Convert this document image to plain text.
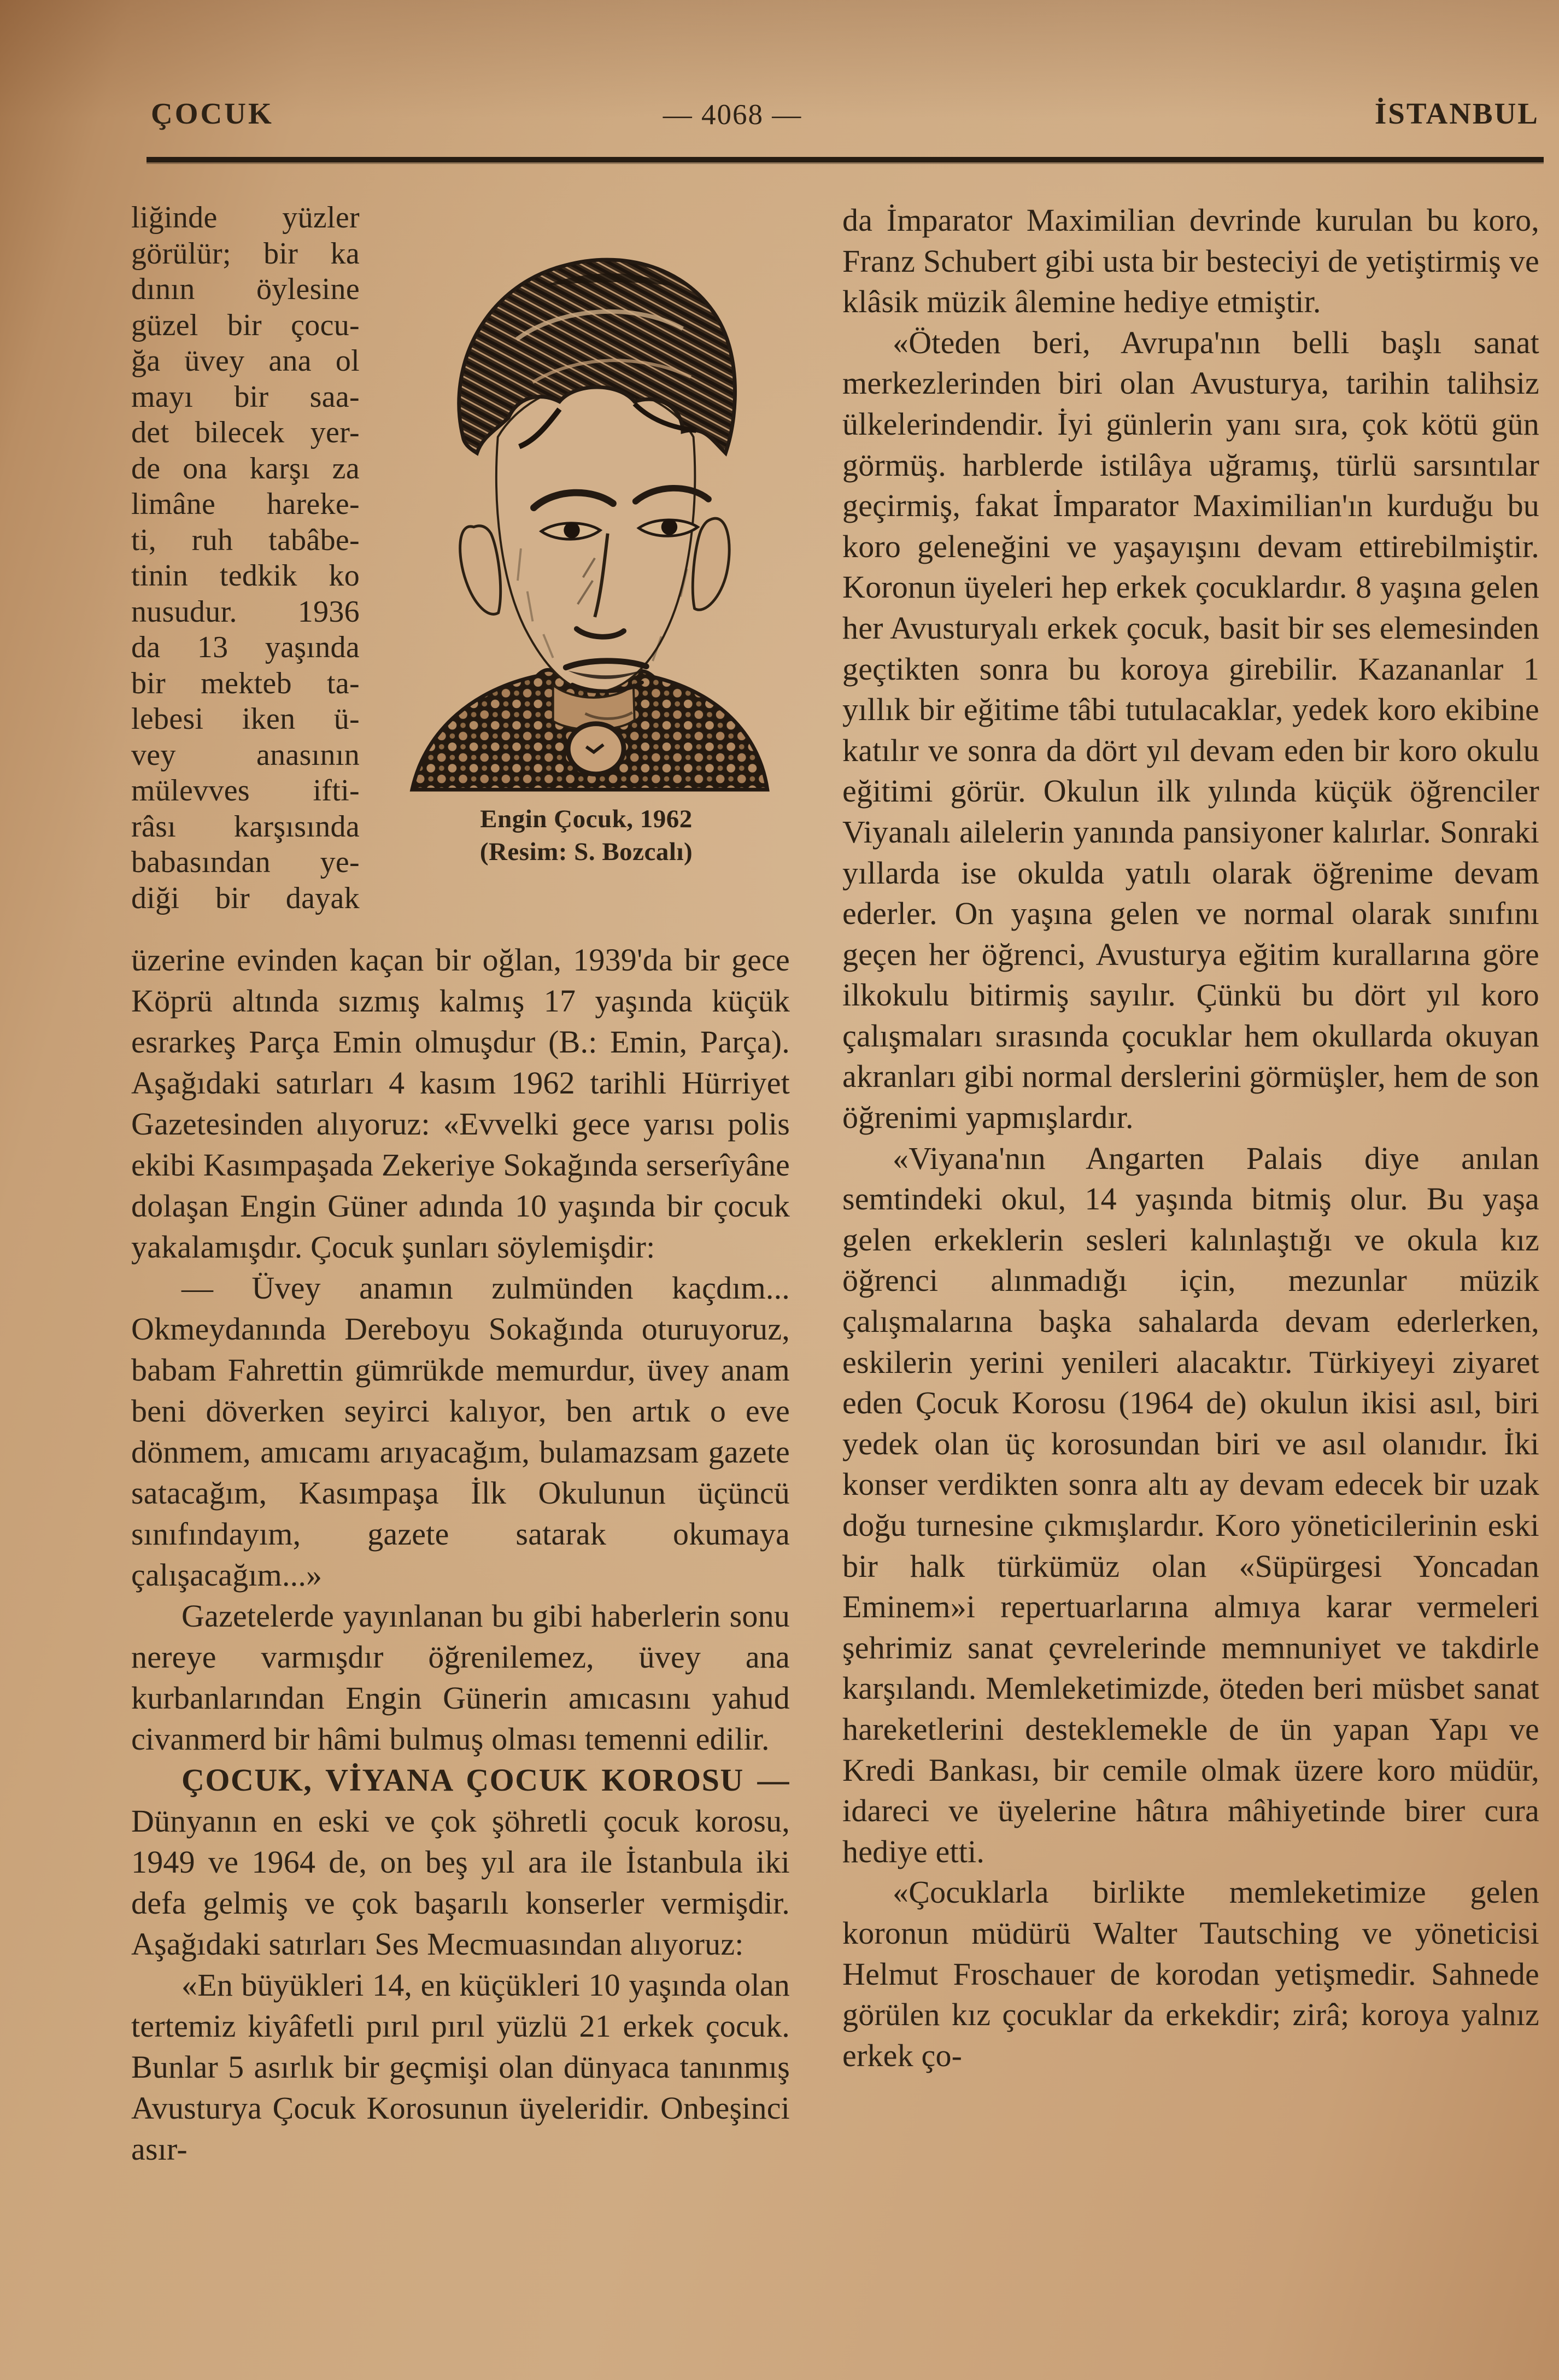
ÇOCUK	— 4068 —	İSTANBUL
liğinde yüzler
görülür; bir ka
dının öylesine
güzel bir çocu-
ğa üvey ana ol
mayı bir saa-
det bilecek yer-
de ona karşı za
limâne hareke-
ti, ruh tabâbe-
tinin tedkik ko
nusudur. 1936
da 13 yaşında
bir mekteb ta-
lebesi iken ü-
vey anasının
mülevves ifti-
râsı karşısında
babasından ye-
diği bir dayak
Engin Çocuk, 1962
(Resim: S. Bozcalı)

üzerine evinden kaçan bir oğlan, 1939'da bir gece Köprü altında sızmış kalmış 17 yaşında küçük esrarkeş Parça Emin olmuşdur (B.: Emin, Parça). Aşağıdaki satırları 4 kasım 1962 tarihli Hürriyet Gazetesinden alıyoruz: «Evvelki gece yarısı polis ekibi Kasımpaşada Zekeriye Sokağında serserîyâne dolaşan Engin Güner adında 10 yaşında bir çocuk yakalamışdır. Çocuk şunları söylemişdir:

— Üvey anamın zulmünden kaçdım... Okmeydanında Dereboyu Sokağında oturuyoruz, babam Fahrettin gümrükde memurdur, üvey anam beni döverken seyirci kalıyor, ben artık o eve dönmem, amıcamı arıyacağım, bulamazsam gazete satacağım, Kasımpaşa İlk Okulunun üçüncü sınıfındayım, gazete satarak okumaya çalışacağım...»

Gazetelerde yayınlanan bu gibi haberlerin sonu nereye varmışdır öğrenilemez, üvey ana kurbanlarından Engin Günerin amıcasını yahud civanmerd bir hâmi bulmuş olması temenni edilir.

ÇOCUK, VİYANA ÇOCUK KOROSU — Dünyanın en eski ve çok şöhretli çocuk korosu, 1949 ve 1964 de, on beş yıl ara ile İstanbula iki defa gelmiş ve çok başarılı konserler vermişdir. Aşağıdaki satırları Ses Mecmuasından alıyoruz:

«En büyükleri 14, en küçükleri 10 yaşında olan tertemiz kiyâfetli pırıl pırıl yüzlü 21 erkek çocuk. Bunlar 5 asırlık bir geçmişi olan dünyaca tanınmış Avusturya Çocuk Korosunun üyeleridir. Onbeşinci asır-

da İmparator Maximilian devrinde kurulan bu koro, Franz Schubert gibi usta bir besteciyi de yetiştirmiş ve klâsik müzik âlemine hediye etmiştir.

«Öteden beri, Avrupa'nın belli başlı sanat merkezlerinden biri olan Avusturya, tarihin talihsiz ülkelerindendir. İyi günlerin yanı sıra, çok kötü gün görmüş. harblerde istilâya uğramış, türlü sarsıntılar geçirmiş, fakat İmparator Maximilian'ın kurduğu bu koro geleneğini ve yaşayışını devam ettirebilmiştir. Koronun üyeleri hep erkek çocuklardır. 8 yaşına gelen her Avusturyalı erkek çocuk, basit bir ses elemesinden geçtikten sonra bu koroya girebilir. Kazananlar 1 yıllık bir eğitime tâbi tutulacaklar, yedek koro ekibine katılır ve sonra da dört yıl devam eden bir koro okulu eğitimi görür. Okulun ilk yılında küçük öğrenciler Viyanalı ailelerin yanında pansiyoner kalırlar. Sonraki yıllarda ise okulda yatılı olarak öğrenime devam ederler. On yaşına gelen ve normal olarak sınıfını geçen her öğrenci, Avusturya eğitim kurallarına göre ilkokulu bitirmiş sayılır. Çünkü bu dört yıl koro çalışmaları sırasında çocuklar hem okullarda okuyan akranları gibi normal derslerini görmüşler, hem de son öğrenimi yapmışlardır.

«Viyana'nın Angarten Palais diye anılan semtindeki okul, 14 yaşında bitmiş olur. Bu yaşa gelen erkeklerin sesleri kalınlaştığı ve okula kız öğrenci alınmadığı için, mezunlar müzik çalışmalarına başka sahalarda devam ederlerken, eskilerin yerini yenileri alacaktır. Türkiyeyi ziyaret eden Çocuk Korosu (1964 de) okulun ikisi asıl, biri yedek olan üç korosundan biri ve asıl olanıdır. İki konser verdikten sonra altı ay devam edecek bir uzak doğu turnesine çıkmışlardır. Koro yöneticilerinin eski bir halk türkümüz olan «Süpürgesi Yoncadan Eminem»i repertuarlarına almıya karar vermeleri şehrimiz sanat çevrelerinde memnuniyet ve takdirle karşılandı. Memleketimizde, öteden beri müsbet sanat hareketlerini desteklemekle de ün yapan Yapı ve Kredi Bankası, bir cemile olmak üzere koro müdür, idareci ve üyelerine hâtıra mâhiyetinde birer cura hediye etti.

«Çocuklarla birlikte memleketimize gelen koronun müdürü Walter Tautsching ve yöneticisi Helmut Froschauer de korodan yetişmedir. Sahnede görülen kız çocuklar da erkekdir; zirâ; koroya yalnız erkek ço-
